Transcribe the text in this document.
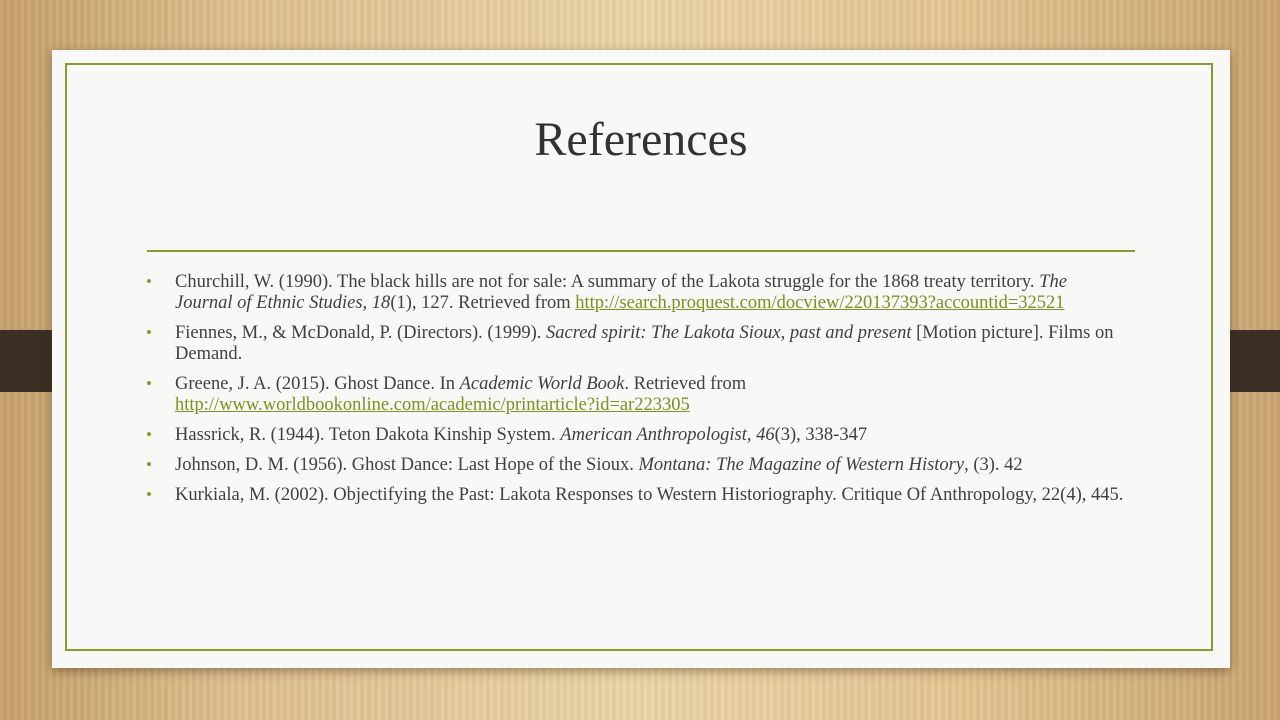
References
• Churchill, W. (1990). The black hills are not for sale: A summary of the Lakota struggle for the 1868 treaty territory. The Journal of Ethnic Studies, 18(1), 127. Retrieved from http://search.proquest.com/docview/220137393?accountid=32521
• Fiennes, M., & McDonald, P. (Directors). (1999). Sacred spirit: The Lakota Sioux, past and present [Motion picture]. Films on Demand.
• Greene, J. A. (2015). Ghost Dance. In Academic World Book. Retrieved from http://www.worldbookonline.com/academic/printarticle?id=ar223305
• Hassrick, R. (1944). Teton Dakota Kinship System. American Anthropologist, 46(3), 338-347
• Johnson, D. M. (1956). Ghost Dance: Last Hope of the Sioux. Montana: The Magazine of Western History, (3). 42
• Kurkiala, M. (2002). Objectifying the Past: Lakota Responses to Western Historiography. Critique Of Anthropology, 22(4), 445.
